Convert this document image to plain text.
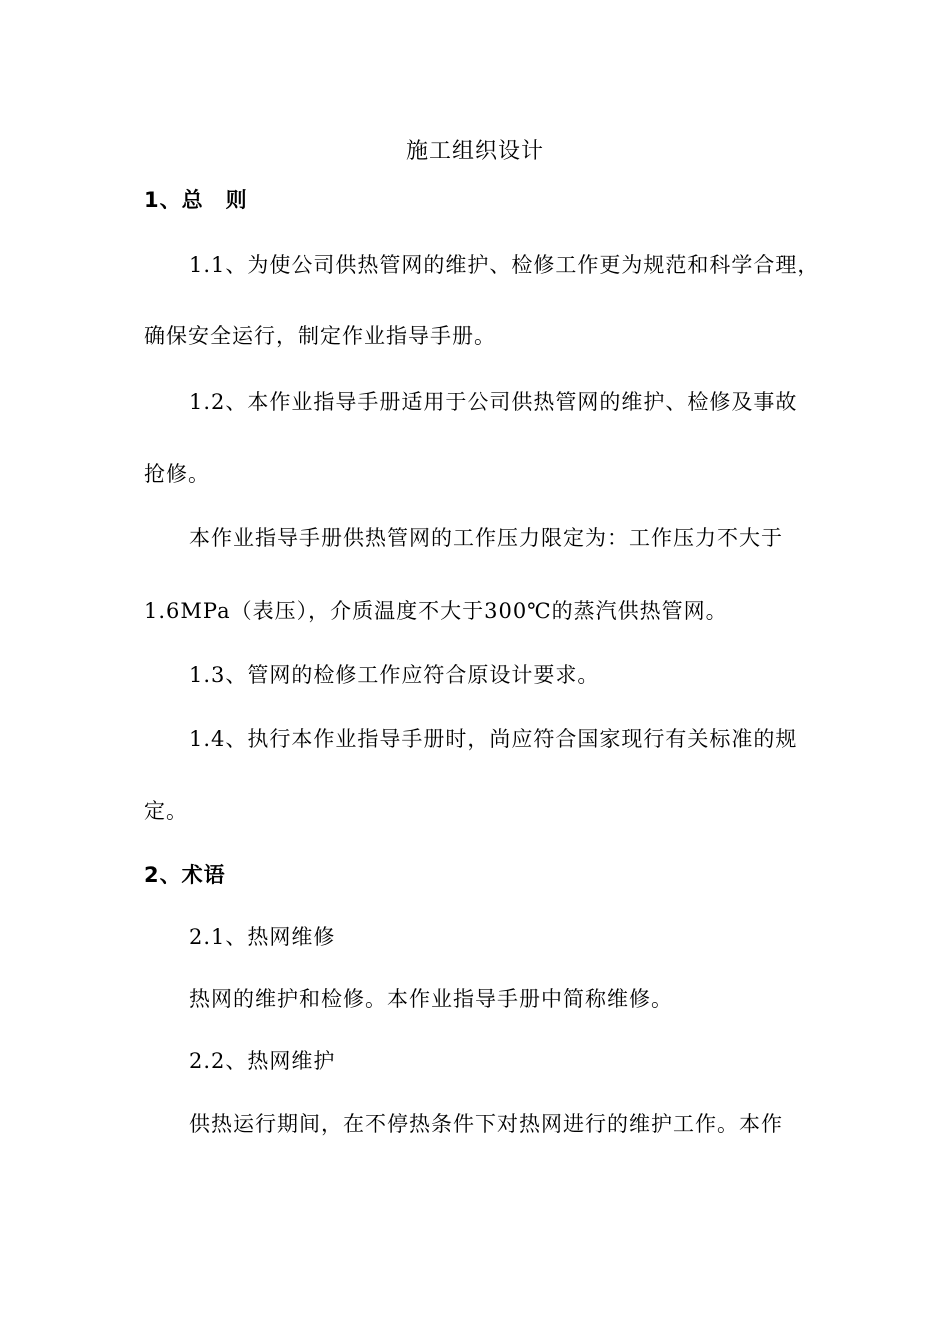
施工组织设计
1、总　则
1.1、为使公司供热管网的维护、检修工作更为规范和科学合理，
确保安全运行，制定作业指导手册。
1.2、本作业指导手册适用于公司供热管网的维护、检修及事故
抢修。
本作业指导手册供热管网的工作压力限定为：工作压力不大于
1.6MPa（表压），介质温度不大于300℃的蒸汽供热管网。
1.3、管网的检修工作应符合原设计要求。
1.4、执行本作业指导手册时，尚应符合国家现行有关标准的规
定。
2、术语
2.1、热网维修
热网的维护和检修。本作业指导手册中简称维修。
2.2、热网维护
供热运行期间，在不停热条件下对热网进行的维护工作。本作
